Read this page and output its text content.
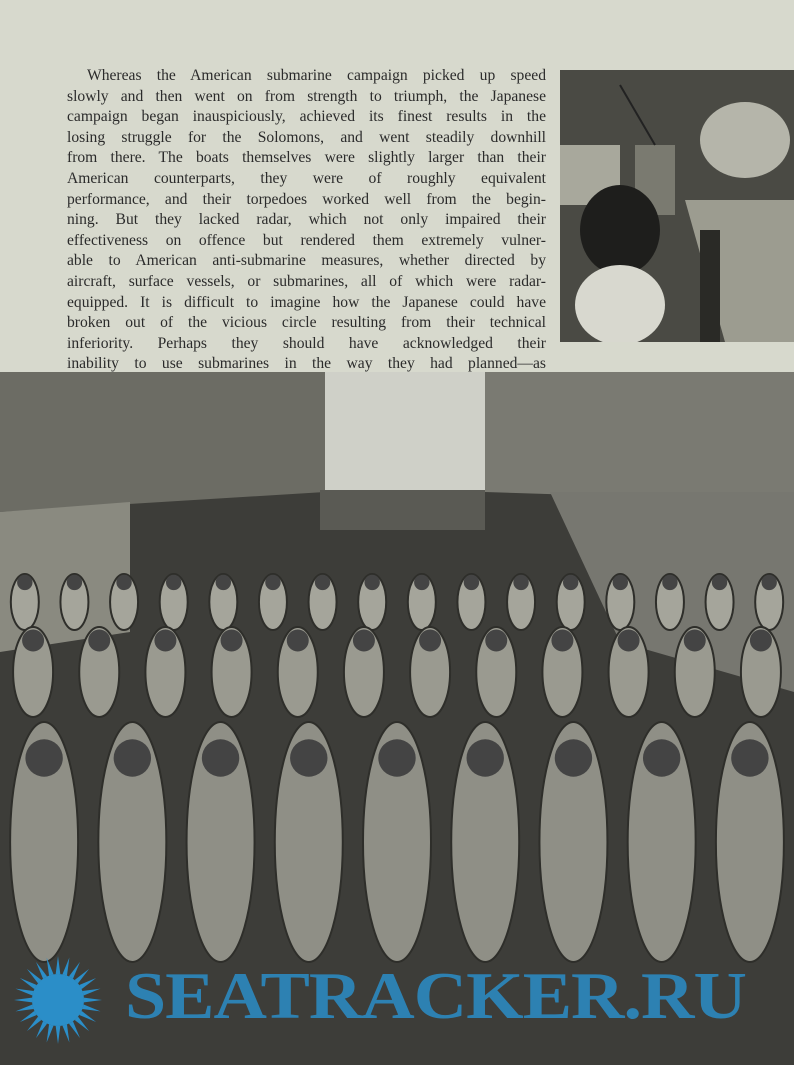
Whereas the American submarine campaign picked up speed
slowly and then went on from strength to triumph, the Japanese
campaign began inauspiciously, achieved its finest results in the
losing struggle for the Solomons, and went steadily downhill
from there. The boats themselves were slightly larger than their
American counterparts, they were of roughly equivalent
performance, and their torpedoes worked well from the begin-
ning. But they lacked radar, which not only impaired their
effectiveness on offence but rendered them extremely vulner-
able to American anti-submarine measures, whether directed by
aircraft, surface vessels, or submarines, all of which were radar-
equipped. It is difficult to imagine how the Japanese could have
broken out of the vicious circle resulting from their technical
inferiority. Perhaps they should have acknowledged their
inability to use submarines in the way they had planned—as
SEATRACKER.RU
